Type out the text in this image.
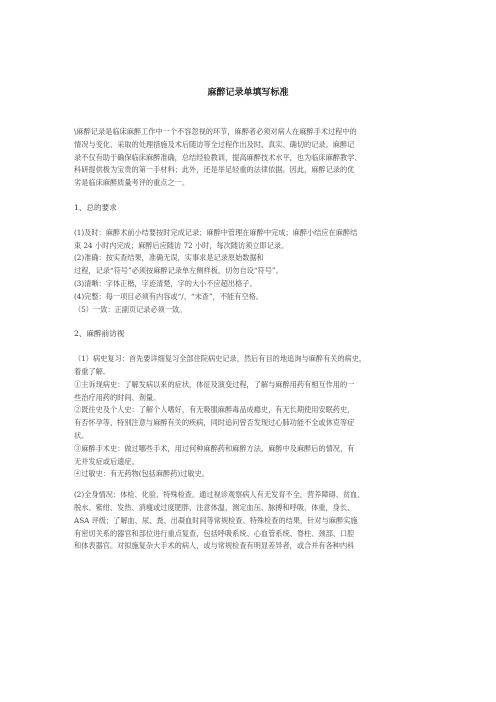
麻醉记录单填写标准
\麻醉记录是临床麻醉工作中一个不容忽视的环节，麻醉者必须对病人在麻醉手术过程中的
情况与变化、采取的处理措施及术后随访等全过程作出及时、真实、确切的记录。麻醉记
录不仅有助于确保临床麻醉准确，总结经验教训，提高麻醉技术水平，也为临床麻醉教学、
科研提供极为宝贵的第一手材料；此外，还是举足轻重的法律依据。因此，麻醉记录的优
劣是临床麻醉质量考评的重点之一。
1、总的要求
(1)及时：麻醉术前小结要按时完成记录；麻醉中管理在麻醉中完成；麻醉小结应在麻醉结
束 24 小时内完成；麻醉后应随访 72 小时，每次随访须立即记录。
(2)准确：按实查结果，准确无误，实事求是记录原始数据和
过程，记录“符号”必须按麻醉记录单左侧样板，切勿自设“符号”。
(3)清晰：字体正楷，字迹清楚，字的大小不应超出格子。
(4)完整：每一项目必须有内容或“/、“未查”，不能有空格。
（5）一致：正副页记录必须一致。
2、麻醉前访视
（1）病史复习：首先要详细复习全部住院病史记录，然后有目的地追询与麻醉有关的病史，
着重了解。
①主诉现病史：了解发病以来的症状，体征及演变过程，了解与麻醉用药有相互作用的一
些治疗用药的时间、剂量。
②既往史及个人史：了解个人嗜好，有无吸服麻醉毒品成瘾史，有无长期使用安眠药史，
有否怀孕等，特别注意与麻醉有关的疾病，同时追问曾否发现过心肺功能不全或休克等症
状。
③麻醉手术史：做过哪些手术，用过何种麻醉药和麻醉方法，麻醉中及麻醉后的情况，有
无并发症或后遗症。
④过敏史：有无药物(包括麻醉药)过敏史。
(2)全身情况：体检、化验、特殊检查。通过视诊观察病人有无发育不全，营养障碍、贫血、
脱水、紫绀、发热、消瘦或过度肥胖，注意体温，测定血压、脉搏和呼吸、体重，身长、
ASA 评级；了解血、尿、粪、出凝血时间等常规检查、特殊检查的结果，针对与麻醉实施
有密切关系的器官和部位进行重点复查，包括呼吸系统、心血管系统、脊柱、颈部、口腔
和体表器官。对拟施复杂大手术的病人，或与常规检查有明显差异者，或合并有各种内科
